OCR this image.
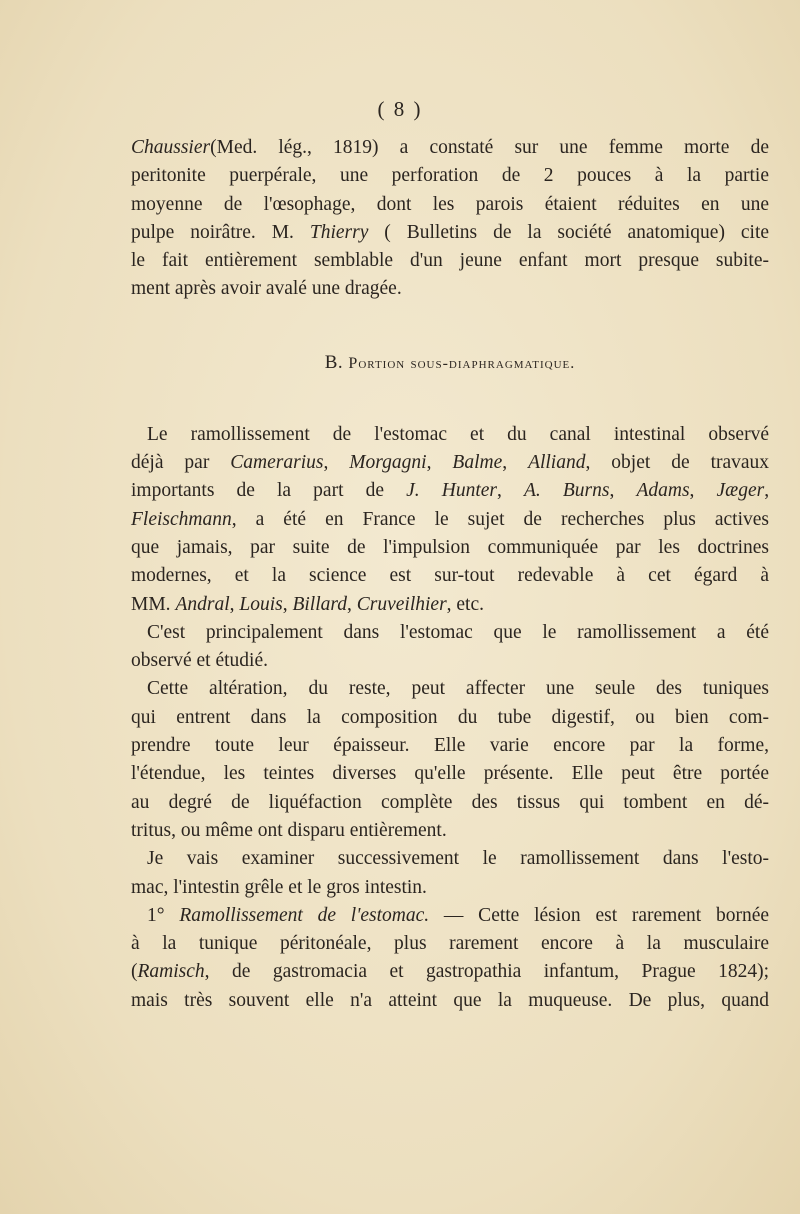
( 8 )
Chaussier(Med. lég., 1819) a constaté sur une femme morte de
peritonite puerpérale, une perforation de 2 pouces à la partie
moyenne de l'œsophage, dont les parois étaient réduites en une
pulpe noirâtre. M. Thierry ( Bulletins de la société anatomique) cite
le fait entièrement semblable d'un jeune enfant mort presque subite-
ment après avoir avalé une dragée.
B. Portion sous-diaphragmatique.
Le ramollissement de l'estomac et du canal intestinal observé
déjà par Camerarius, Morgagni, Balme, Alliand, objet de travaux
importants de la part de J. Hunter, A. Burns, Adams, Jæger,
Fleischmann, a été en France le sujet de recherches plus actives
que jamais, par suite de l'impulsion communiquée par les doctrines
modernes, et la science est sur-tout redevable à cet égard à
MM. Andral, Louis, Billard, Cruveilhier, etc.
C'est principalement dans l'estomac que le ramollissement a été
observé et étudié.
Cette altération, du reste, peut affecter une seule des tuniques
qui entrent dans la composition du tube digestif, ou bien com-
prendre toute leur épaisseur. Elle varie encore par la forme,
l'étendue, les teintes diverses qu'elle présente. Elle peut être portée
au degré de liquéfaction complète des tissus qui tombent en dé-
tritus, ou même ont disparu entièrement.
Je vais examiner successivement le ramollissement dans l'esto-
mac, l'intestin grêle et le gros intestin.
1° Ramollissement de l'estomac. — Cette lésion est rarement bornée
à la tunique péritonéale, plus rarement encore à la musculaire
(Ramisch, de gastromacia et gastropathia infantum, Prague 1824);
mais très souvent elle n'a atteint que la muqueuse. De plus, quand
